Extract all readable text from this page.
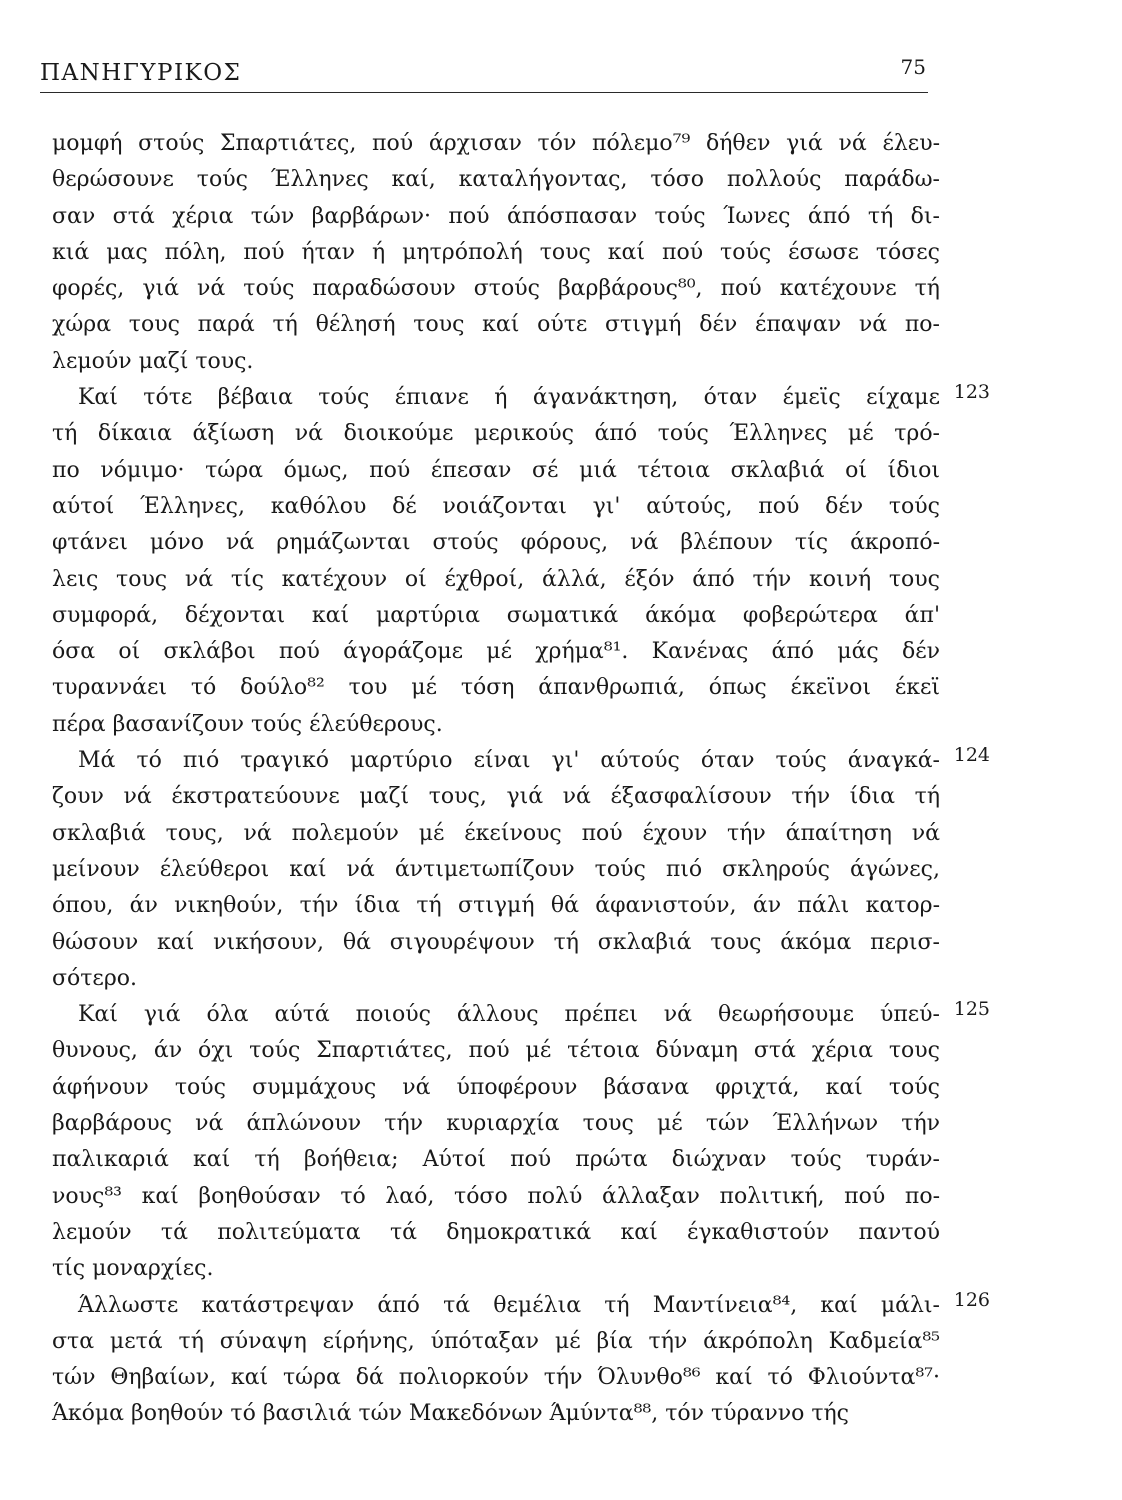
ΠΑΝΗΓΥΡΙΚΟΣ	75
μομφή στούς Σπαρτιάτες, πού άρχισαν τόν πόλεμο⁷⁹ δήθεν γιά νά έλευ-
θερώσουνε τούς Έλληνες καί, καταλήγοντας, τόσο πολλούς παράδω-
σαν στά χέρια τών βαρβάρων· πού άπόσπασαν τούς Ίωνες άπό τή δι-
κιά μας πόλη, πού ήταν ή μητρόπολή τους καί πού τούς έσωσε τόσες
φορές, γιά νά τούς παραδώσουν στούς βαρβάρους⁸⁰, πού κατέχουνε τή
χώρα τους παρά τή θέλησή τους καί ούτε στιγμή δέν έπαψαν νά πο-
λεμούν μαζί τους.
Καί τότε βέβαια τούς έπιανε ή άγανάκτηση, όταν έμεϊς είχαμε 123
τή δίκαια άξίωση νά διοικούμε μερικούς άπό τούς Έλληνες μέ τρό-
πο νόμιμο· τώρα όμως, πού έπεσαν σέ μιά τέτοια σκλαβιά οί ίδιοι
αύτοί Έλληνες, καθόλου δέ νοιάζονται γι' αύτούς, πού δέν τούς
φτάνει μόνο νά ρημάζωνται στούς φόρους, νά βλέπουν τίς άκροπό-
λεις τους νά τίς κατέχουν οί έχθροί, άλλά, έξόν άπό τήν κοινή τους
συμφορά, δέχονται καί μαρτύρια σωματικά άκόμα φοβερώτερα άπ'
όσα οί σκλάβοι πού άγοράζομε μέ χρήμα⁸¹. Κανένας άπό μάς δέν
τυραννάει τό δούλο⁸² του μέ τόση άπανθρωπιά, όπως έκεϊνοι έκεϊ
πέρα βασανίζουν τούς έλεύθερους.
Μά τό πιό τραγικό μαρτύριο είναι γι' αύτούς όταν τούς άναγκά- 124
ζουν νά έκστρατεύουνε μαζί τους, γιά νά έξασφαλίσουν τήν ίδια τή
σκλαβιά τους, νά πολεμούν μέ έκείνους πού έχουν τήν άπαίτηση νά
μείνουν έλεύθεροι καί νά άντιμετωπίζουν τούς πιό σκληρούς άγώνες,
όπου, άν νικηθούν, τήν ίδια τή στιγμή θά άφανιστούν, άν πάλι κατορ-
θώσουν καί νικήσουν, θά σιγουρέψουν τή σκλαβιά τους άκόμα περισ-
σότερο.
Καί γιά όλα αύτά ποιούς άλλους πρέπει νά θεωρήσουμε ύπεύ- 125
θυνους, άν όχι τούς Σπαρτιάτες, πού μέ τέτοια δύναμη στά χέρια τους
άφήνουν τούς συμμάχους νά ύποφέρουν βάσανα φριχτά, καί τούς
βαρβάρους νά άπλώνουν τήν κυριαρχία τους μέ τών Έλλήνων τήν
παλικαριά καί τή βοήθεια; Αύτοί πού πρώτα διώχναν τούς τυράν-
νους⁸³ καί βοηθούσαν τό λαό, τόσο πολύ άλλαξαν πολιτική, πού πο-
λεμούν τά πολιτεύματα τά δημοκρατικά καί έγκαθιστούν παντού
τίς μοναρχίες.
Άλλωστε κατάστρεψαν άπό τά θεμέλια τή Μαντίνεια⁸⁴, καί μάλι- 126
στα μετά τή σύναψη είρήνης, ύπόταξαν μέ βία τήν άκρόπολη Καδμεία⁸⁵
τών Θηβαίων, καί τώρα δά πολιορκούν τήν Όλυνθο⁸⁶ καί τό Φλιούντα⁸⁷·
Άκόμα βοηθούν τό βασιλιά τών Μακεδόνων Άμύντα⁸⁸, τόν τύραννο τής
